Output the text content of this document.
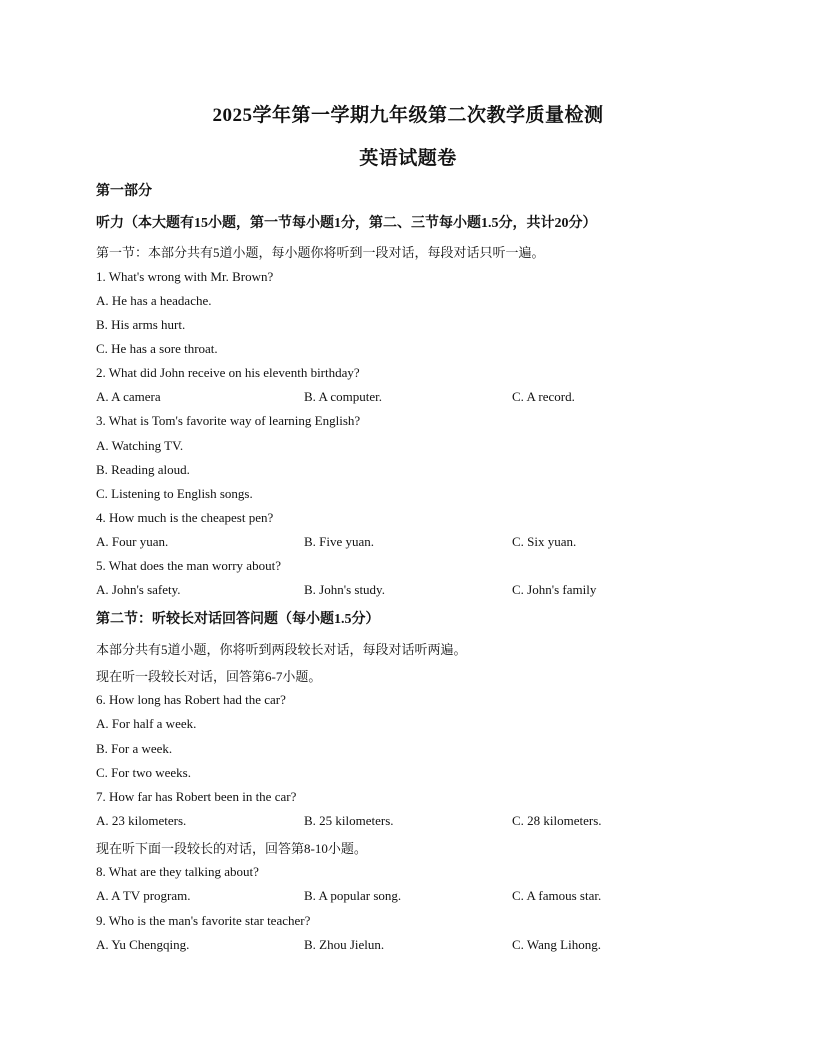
2025学年第一学期九年级第二次教学质量检测
英语试题卷
第一部分
听力（本大题有15小题，第一节每小题1分，第二、三节每小题1.5分，共计20分）
第一节：本部分共有5道小题，每小题你将听到一段对话，每段对话只听一遍。
1. What's wrong with Mr. Brown?
A. He has a headache.
B. His arms hurt.
C. He has a sore throat.
2. What did John receive on his eleventh birthday?
A. A camera	B. A computer.	C. A record.
3. What is Tom's favorite way of learning English?
A. Watching TV.
B. Reading aloud.
C. Listening to English songs.
4. How much is the cheapest pen?
A. Four yuan.	B. Five yuan.	C. Six yuan.
5. What does the man worry about?
A. John's safety.	B. John's study.	C. John's family
第二节：听较长对话回答问题（每小题1.5分）
本部分共有5道小题，你将听到两段较长对话，每段对话听两遍。
现在听一段较长对话，回答第6-7小题。
6. How long has Robert had the car?
A. For half a week.
B. For a week.
C. For two weeks.
7. How far has Robert been in the car?
A. 23 kilometers.	B. 25 kilometers.	C. 28 kilometers.
现在听下面一段较长的对话，回答第8-10小题。
8. What are they talking about?
A. A TV program.	B. A popular song.	C. A famous star.
9. Who is the man's favorite star teacher?
A. Yu Chengqing.	B. Zhou Jielun.	C. Wang Lihong.
